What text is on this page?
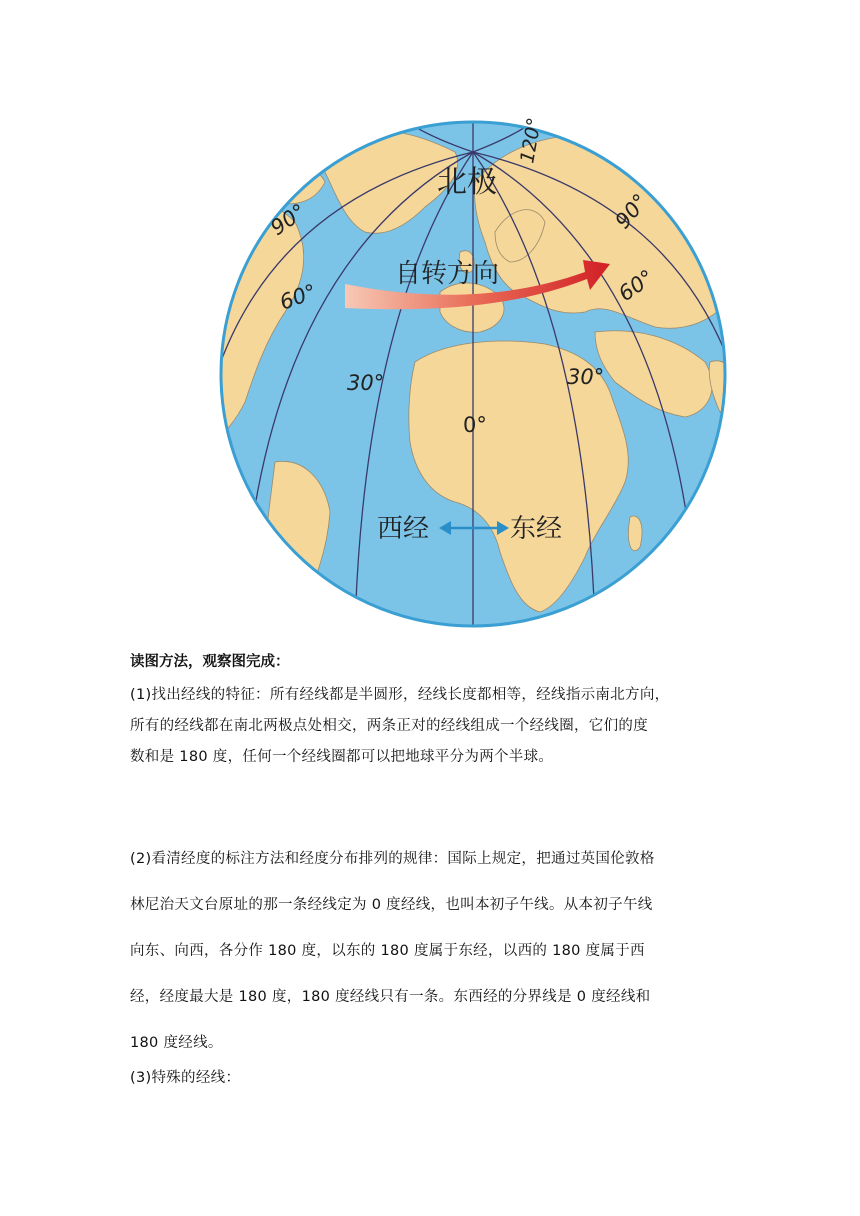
北极
自转方向
90°
60°
30°
0°
30°
60°
90°
120°
西经	东经
读图方法，观察图完成：
(1)找出经线的特征：所有经线都是半圆形，经线长度都相等，经线指示南北方向，
所有的经线都在南北两极点处相交，两条正对的经线组成一个经线圈，它们的度
数和是 180 度，任何一个经线圈都可以把地球平分为两个半球。
(2)看清经度的标注方法和经度分布排列的规律：国际上规定，把通过英国伦敦格
林尼治天文台原址的那一条经线定为 0 度经线，也叫本初子午线。从本初子午线
向东、向西，各分作 180 度，以东的 180 度属于东经，以西的 180 度属于西
经，经度最大是 180 度，180 度经线只有一条。东西经的分界线是 0 度经线和
180 度经线。
(3)特殊的经线：
